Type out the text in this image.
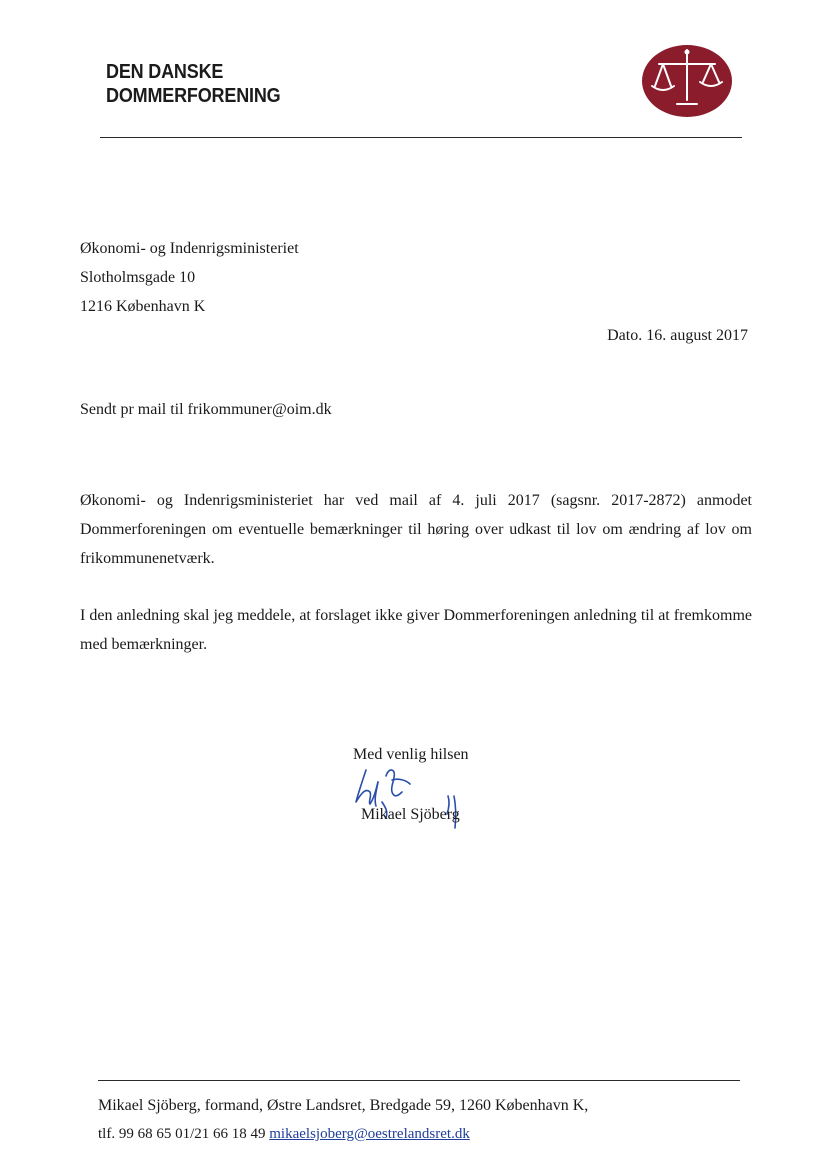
DEN DANSKE
DOMMERFORENING
Økonomi- og Indenrigsministeriet
Slotholmsgade 10
1216 København K
Dato. 16. august 2017
Sendt pr mail til frikommuner@oim.dk
Økonomi- og Indenrigsministeriet har ved mail af 4. juli 2017 (sagsnr. 2017-2872) anmodet Dommerforeningen om eventuelle bemærkninger til høring over udkast til lov om ændring af lov om frikommunenetværk.
I den anledning skal jeg meddele, at forslaget ikke giver Dommerforeningen anledning til at fremkomme med bemærkninger.
Med venlig hilsen
Mikael Sjöberg
Mikael Sjöberg, formand, Østre Landsret, Bredgade 59, 1260 København K,
tlf. 99 68 65 01/21 66 18 49 mikaelsjoberg@oestrelandsret.dk
